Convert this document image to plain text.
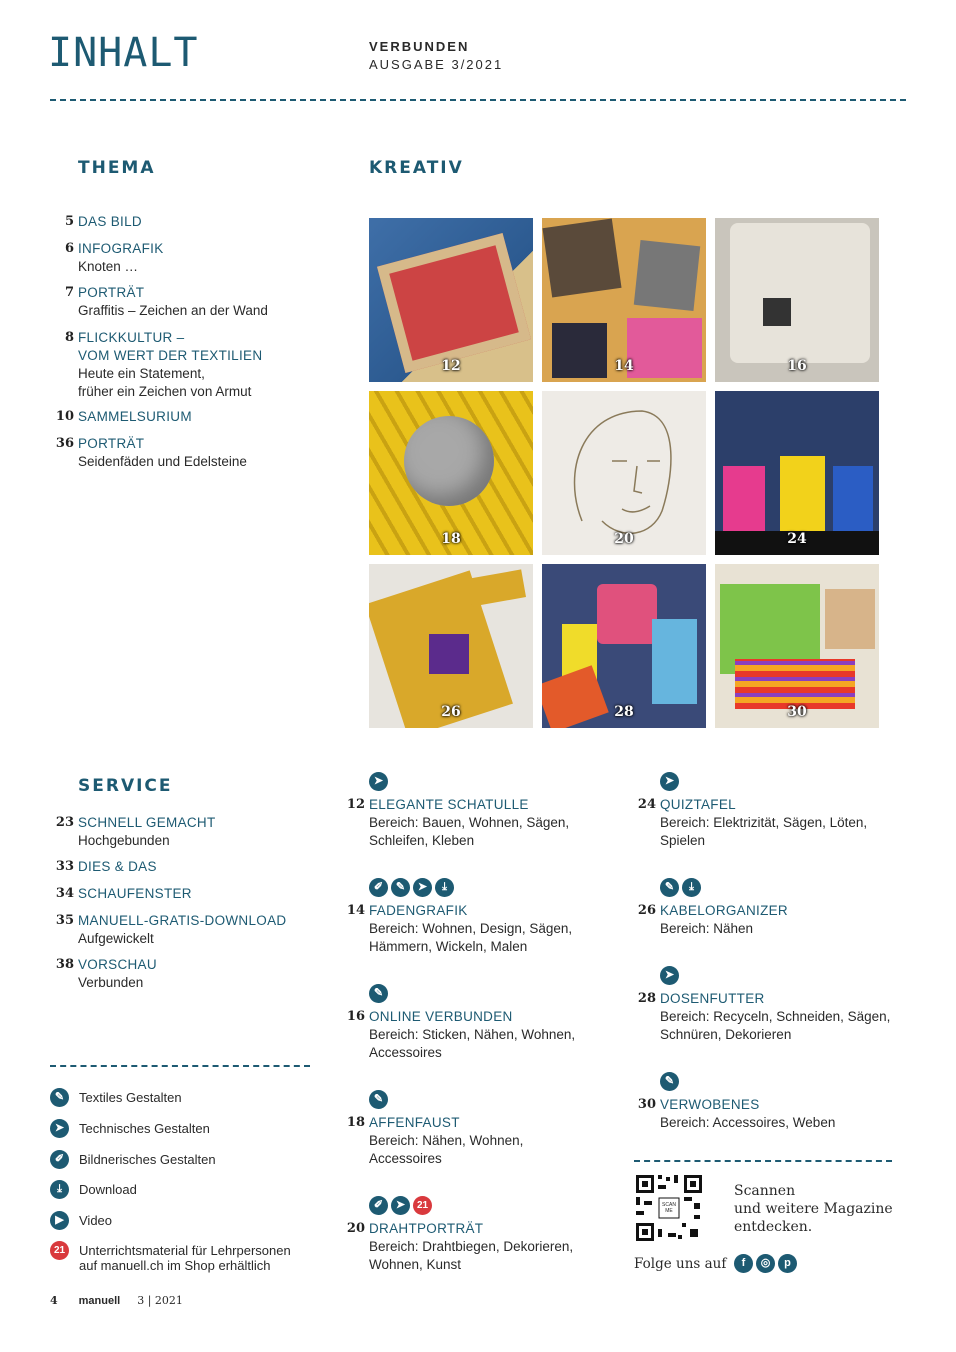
INHALT	VERBUNDEN
AUSGABE 3/2021
THEMA
5 DAS BILD
6 INFOGRAFIK
Knoten …
7 PORTRÄT
Graffitis – Zeichen an der Wand
8 FLICKKULTUR –
VOM WERT DER TEXTILIEN
Heute ein Statement,
früher ein Zeichen von Armut
10 SAMMELSURIUM
36 PORTRÄT
Seidenfäden und Edelsteine
KREATIV
12	14	16
18	20	24
26	28	30
SERVICE
23 SCHNELL GEMACHT
Hochgebunden
33 DIES & DAS
34 SCHAUFENSTER
35 MANUELL-GRATIS-DOWNLOAD
Aufgewickelt
38 VORSCHAU
Verbunden
✎	Textiles Gestalten
➤	Technisches Gestalten
✐	Bildnerisches Gestalten
⤓	Download
▶	Video
21	Unterrichtsmaterial für Lehrpersonen
auf manuell.ch im Shop erhältlich
➤
12 ELEGANTE SCHATULLE
Bereich: Bauen, Wohnen, Sägen,
Schleifen, Kleben
✐	✎	➤	⤓
14 FADENGRAFIK
Bereich: Wohnen, Design, Sägen,
Hämmern, Wickeln, Malen
✎
16 ONLINE VERBUNDEN
Bereich: Sticken, Nähen, Wohnen,
Accessoires
✎
18 AFFENFAUST
Bereich: Nähen, Wohnen,
Accessoires
✐	➤	21
20 DRAHTPORTRÄT
Bereich: Drahtbiegen, Dekorieren,
Wohnen, Kunst
➤
24 QUIZTAFEL
Bereich: Elektrizität, Sägen, Löten,
Spielen
✎	⤓
26 KABELORGANIZER
Bereich: Nähen
➤
28 DOSENFUTTER
Bereich: Recyceln, Schneiden, Sägen,
Schnüren, Dekorieren
✎
30 VERWOBENES
Bereich: Accessoires, Weben
SCAN ME
Scannen
und weitere Magazine
entdecken.
Folge uns auf	f	◎	p
4 manuell 3 | 2021
